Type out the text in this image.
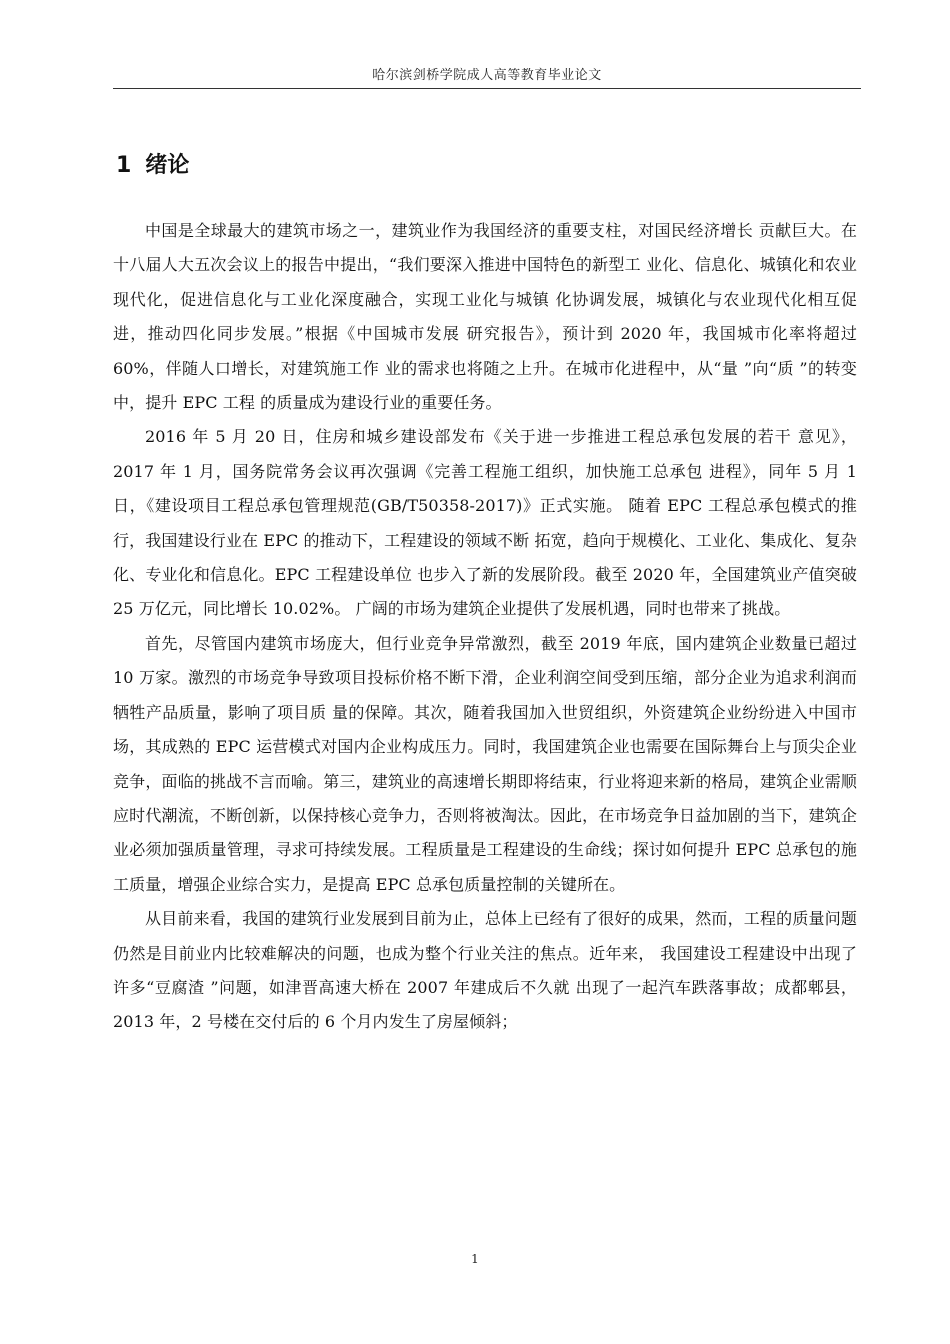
哈尔滨剑桥学院成人高等教育毕业论文
1 绪论

中国是全球最大的建筑市场之一，建筑业作为我国经济的重要支柱，对国民经济增长 贡献巨大。在十八届人大五次会议上的报告中提出，“我们要深入推进中国特色的新型工 业化、信息化、城镇化和农业现代化，促进信息化与工业化深度融合，实现工业化与城镇 化协调发展，城镇化与农业现代化相互促进，推动四化同步发展。”根据《中国城市发展 研究报告》，预计到 2020 年，我国城市化率将超过 60%，伴随人口增长，对建筑施工作 业的需求也将随之上升。在城市化进程中，从“量 ”向“质 ”的转变中，提升 EPC 工程 的质量成为建设行业的重要任务。

2016 年 5 月 20 日，住房和城乡建设部发布《关于进一步推进工程总承包发展的若干 意见》，2017 年 1 月，国务院常务会议再次强调《完善工程施工组织，加快施工总承包 进程》，同年 5 月 1 日，《建设项目工程总承包管理规范(GB/T50358-2017)》正式实施。 随着 EPC 工程总承包模式的推行，我国建设行业在 EPC 的推动下，工程建设的领域不断 拓宽，趋向于规模化、工业化、集成化、复杂化、专业化和信息化。EPC 工程建设单位 也步入了新的发展阶段。截至 2020 年，全国建筑业产值突破 25 万亿元，同比增长 10.02%。 广阔的市场为建筑企业提供了发展机遇，同时也带来了挑战。

首先，尽管国内建筑市场庞大，但行业竞争异常激烈，截至 2019 年底，国内建筑企业数量已超过 10 万家。激烈的市场竞争导致项目投标价格不断下滑，企业利润空间受到压缩，部分企业为追求利润而牺牲产品质量，影响了项目质 量的保障。其次，随着我国加入世贸组织，外资建筑企业纷纷进入中国市场，其成熟的 EPC 运营模式对国内企业构成压力。同时，我国建筑企业也需要在国际舞台上与顶尖企业竞争，面临的挑战不言而喻。第三，建筑业的高速增长期即将结束，行业将迎来新的格局，建筑企业需顺应时代潮流，不断创新，以保持核心竞争力，否则将被淘汰。因此，在市场竞争日益加剧的当下，建筑企业必须加强质量管理，寻求可持续发展。工程质量是工程建设的生命线；探讨如何提升 EPC 总承包的施工质量，增强企业综合实力，是提高 EPC 总承包质量控制的关键所在。

从目前来看，我国的建筑行业发展到目前为止，总体上已经有了很好的成果，然而，工程的质量问题仍然是目前业内比较难解决的问题，也成为整个行业关注的焦点。近年来， 我国建设工程建设中出现了许多“豆腐渣 ”问题，如津晋高速大桥在 2007 年建成后不久就 出现了一起汽车跌落事故；成都郫县，2013 年，2 号楼在交付后的 6 个月内发生了房屋倾斜；

1
